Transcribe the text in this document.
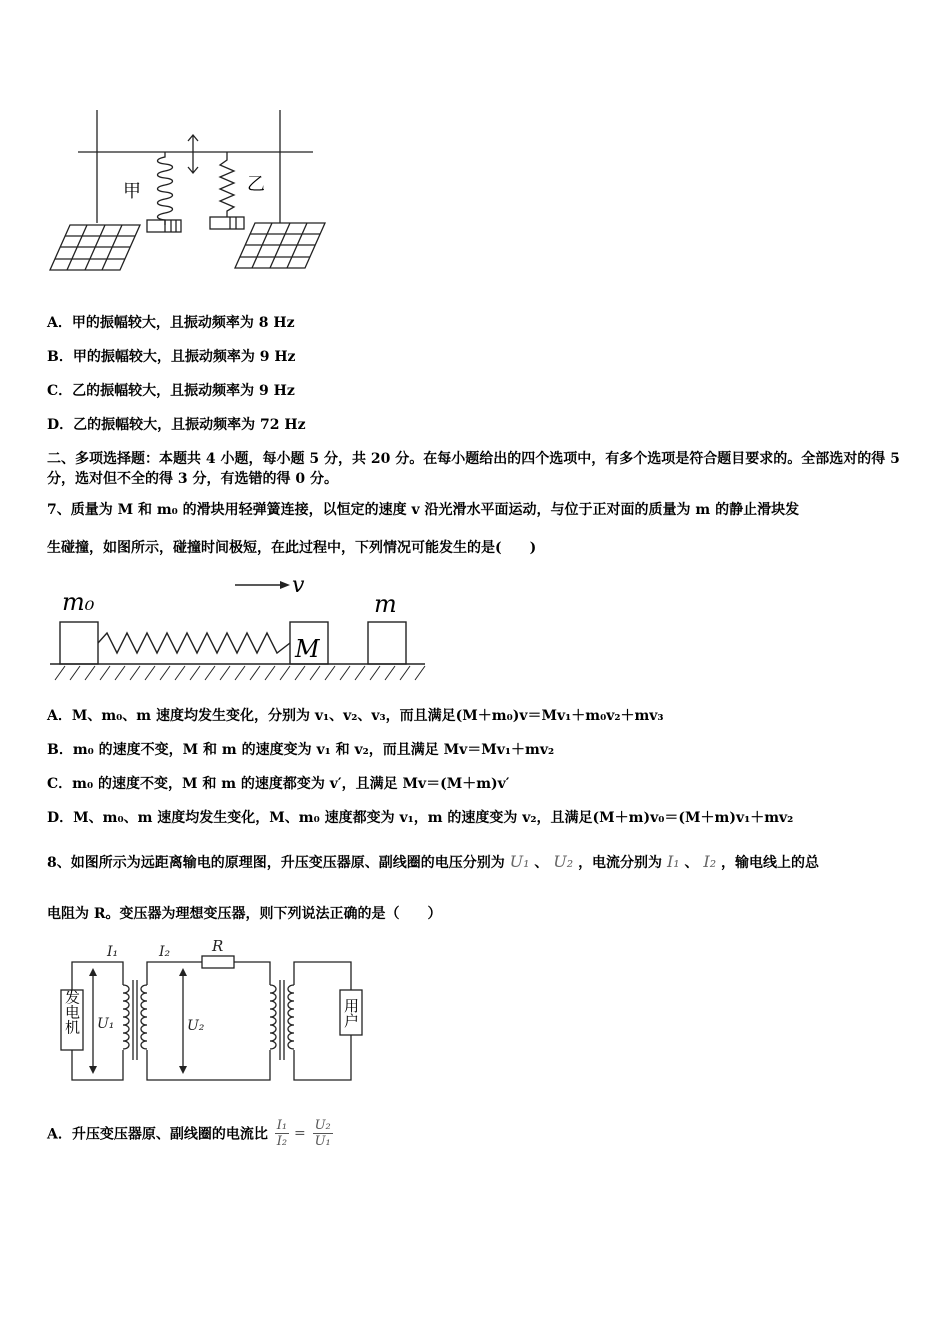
甲	乙
A．甲的振幅较大，且振动频率为 8 Hz
B．甲的振幅较大，且振动频率为 9 Hz
C．乙的振幅较大，且振动频率为 9 Hz
D．乙的振幅较大，且振动频率为 72 Hz
二、多项选择题：本题共 4 小题，每小题 5 分，共 20 分。在每小题给出的四个选项中，有多个选项是符合题目要求的。全部选对的得 5 分，选对但不全的得 3 分，有选错的得 0 分。
7、质量为 M 和 m₀ 的滑块用轻弹簧连接，以恒定的速度 v 沿光滑水平面运动，与位于正对面的质量为 m 的静止滑块发
生碰撞，如图所示，碰撞时间极短，在此过程中，下列情况可能发生的是(　　)
m₀
v
M
m
A．M、m₀、m 速度均发生变化，分别为 v₁、v₂、v₃，而且满足(M＋m₀)v＝Mv₁＋m₀v₂＋mv₃
B．m₀ 的速度不变，M 和 m 的速度变为 v₁ 和 v₂，而且满足 Mv＝Mv₁＋mv₂
C．m₀ 的速度不变，M 和 m 的速度都变为 v′，且满足 Mv＝(M＋m)v′
D．M、m₀、m 速度均发生变化，M、m₀ 速度都变为 v₁，m 的速度变为 v₂，且满足(M＋m)v₀＝(M＋m)v₁＋mv₂
8、如图所示为远距离输电的原理图，升压变压器原、副线圈的电压分别为 U₁ 、 U₂ ，电流分别为 I₁ 、 I₂ ，输电线上的总
电阻为 R。变压器为理想变压器，则下列说法正确的是（　　）
I₁	I₂	R
U₁	U₂
发电机	用户
A．升压变压器原、副线圈的电流比 $\frac{\text{I₁}}{\text{I₂}} = \frac{\text{U₂}}{\text{U₁}}$
